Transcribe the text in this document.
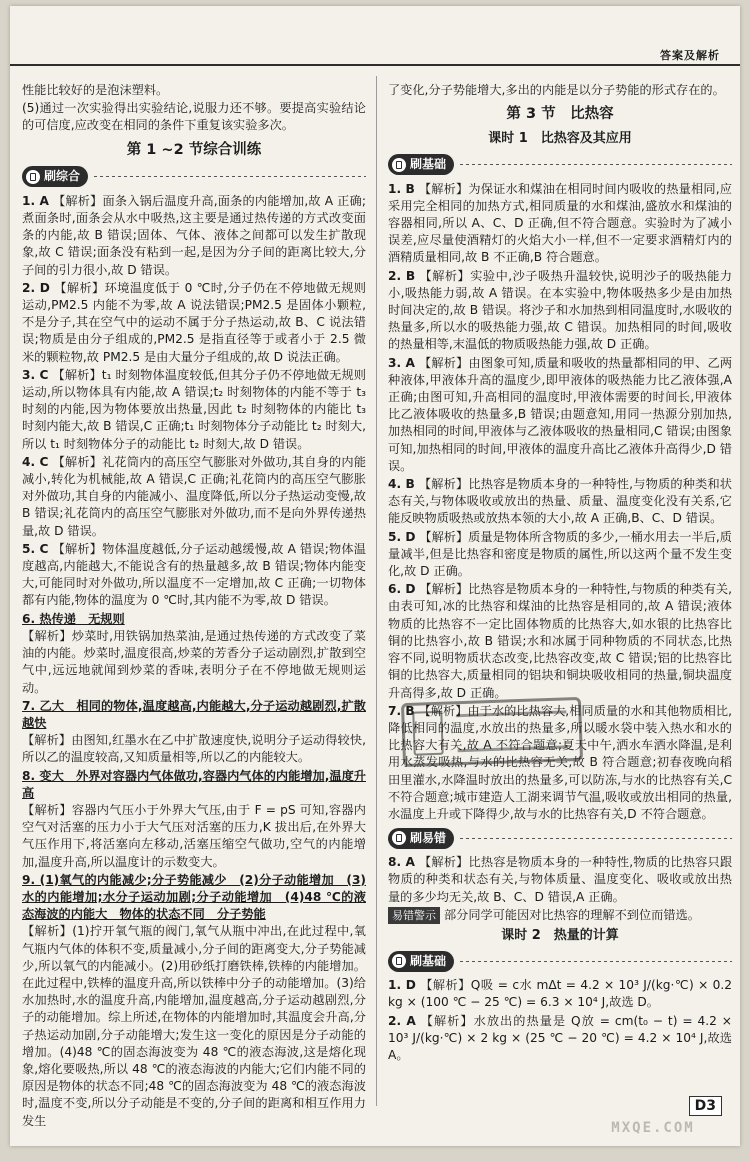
答案及解析

性能比较好的是泡沫塑料。

(5)通过一次实验得出实验结论,说服力还不够。要提高实验结论的可信度,应改变在相同的条件下重复该实验多次。

第 1 ~2 节综合训练
刷综合

1. A 【解析】面条入锅后温度升高,面条的内能增加,故 A 正确;煮面条时,面条会从水中吸热,这主要是通过热传递的方式改变面条的内能,故 B 错误;固体、气体、液体之间都可以发生扩散现象,故 C 错误;面条没有粘到一起,是因为分子间的距离比较大,分子间的引力很小,故 D 错误。

2. D 【解析】环境温度低于 0 ℃时,分子仍在不停地做无规则运动,PM2.5 内能不为零,故 A 说法错误;PM2.5 是固体小颗粒,不是分子,其在空气中的运动不属于分子热运动,故 B、C 说法错误;物质是由分子组成的,PM2.5 是指直径等于或者小于 2.5 微米的颗粒物,故 PM2.5 是由大量分子组成的,故 D 说法正确。

3. C 【解析】t₁ 时刻物体温度较低,但其分子仍不停地做无规则运动,所以物体具有内能,故 A 错误;t₂ 时刻物体的内能不等于 t₃ 时刻的内能,因为物体要放出热量,因此 t₂ 时刻物体的内能比 t₃ 时刻内能大,故 B 错误,C 正确;t₁ 时刻物体分子动能比 t₂ 时刻大,所以 t₁ 时刻物体分子的动能比 t₂ 时刻大,故 D 错误。

4. C 【解析】礼花筒内的高压空气膨胀对外做功,其自身的内能减小,转化为机械能,故 A 错误,C 正确;礼花筒内的高压空气膨胀对外做功,其自身的内能减小、温度降低,所以分子热运动变慢,故 B 错误;礼花筒内的高压空气膨胀对外做功,而不是向外界传递热量,故 D 错误。

5. C 【解析】物体温度越低,分子运动越缓慢,故 A 错误;物体温度越高,内能越大,不能说含有的热量越多,故 B 错误;物体内能变大,可能同时对外做功,所以温度不一定增加,故 C 正确;一切物体都有内能,物体的温度为 0 ℃时,其内能不为零,故 D 错误。

6. 热传递　无规则
【解析】炒菜时,用铁锅加热菜油,是通过热传递的方式改变了菜油的内能。炒菜时,温度很高,炒菜的芳香分子运动剧烈,扩散到空气中,远远地就闻到炒菜的香味,表明分子在不停地做无规则运动。

7. 乙大　相同的物体,温度越高,内能越大,分子运动越剧烈,扩散越快
【解析】由图知,红墨水在乙中扩散速度快,说明分子运动得较快,所以乙的温度较高,又知质量相等,所以乙的内能较大。

8. 变大　外界对容器内气体做功,容器内气体的内能增加,温度升高
【解析】容器内气压小于外界大气压,由于 F = pS 可知,容器内空气对活塞的压力小于大气压对活塞的压力,K 拔出后,在外界大气压作用下,将活塞向左移动,活塞压缩空气做功,空气的内能增加,温度升高,所以温度计的示数变大。

9. (1)氧气的内能减少;分子势能减少　(2)分子动能增加　(3)水的内能增加;水分子运动加剧;分子动能增加　(4)48 ℃的液态海波的内能大　物体的状态不同　分子势能
【解析】(1)拧开氧气瓶的阀门,氧气从瓶中冲出,在此过程中,氧气瓶内气体的体积不变,质量减小,分子间的距离变大,分子势能减少,所以氧气的内能减小。(2)用砂纸打磨铁棒,铁棒的内能增加。在此过程中,铁棒的温度升高,所以铁棒中分子的动能增加。(3)给水加热时,水的温度升高,内能增加,温度越高,分子运动越剧烈,分子的动能增加。综上所述,在物体的内能增加时,其温度会升高,分子热运动加剧,分子动能增大;发生这一变化的原因是分子动能的增加。(4)48 ℃的固态海波变为 48 ℃的液态海波,这是熔化现象,熔化要吸热,所以 48 ℃的液态海波的内能大;它们内能不同的原因是物体的状态不同;48 ℃的固态海波变为 48 ℃的液态海波时,温度不变,所以分子动能是不变的,分子间的距离和相互作用力发生

了变化,分子势能增大,多出的内能是以分子势能的形式存在的。

第 3 节　比热容
课时 1　比热容及其应用
刷基础

1. B 【解析】为保证水和煤油在相同时间内吸收的热量相同,应采用完全相同的加热方式,相同质量的水和煤油,盛放水和煤油的容器相同,所以 A、C、D 正确,但不符合题意。实验时为了减小误差,应尽量使酒精灯的火焰大小一样,但不一定要求酒精灯内的酒精质量相同,故 B 不正确,B 符合题意。

2. B 【解析】实验中,沙子吸热升温较快,说明沙子的吸热能力小,吸热能力弱,故 A 错误。在本实验中,物体吸热多少是由加热时间决定的,故 B 错误。将沙子和水加热到相同温度时,水吸收的热量多,所以水的吸热能力强,故 C 错误。加热相同的时间,吸收的热量相等,末温低的物质吸热能力强,故 D 正确。

3. A 【解析】由图象可知,质量和吸收的热量都相同的甲、乙两种液体,甲液体升高的温度少,即甲液体的吸热能力比乙液体强,A 正确;由图可知,升高相同的温度时,甲液体需要的时间长,甲液体比乙液体吸收的热量多,B 错误;由题意知,用同一热源分别加热,加热相同的时间,甲液体与乙液体吸收的热量相同,C 错误;由图象可知,加热相同的时间,甲液体的温度升高比乙液体升高得少,D 错误。

4. B 【解析】比热容是物质本身的一种特性,与物质的种类和状态有关,与物体吸收或放出的热量、质量、温度变化没有关系,它能反映物质吸热或放热本领的大小,故 A 正确,B、C、D 错误。

5. D 【解析】质量是物体所含物质的多少,一桶水用去一半后,质量减半,但是比热容和密度是物质的属性,所以这两个量不发生变化,故 D 正确。

6. D 【解析】比热容是物质本身的一种特性,与物质的种类有关,由表可知,冰的比热容和煤油的比热容是相同的,故 A 错误;液体物质的比热容不一定比固体物质的比热容大,如水银的比热容比铜的比热容小,故 B 错误;水和冰属于同种物质的不同状态,比热容不同,说明物质状态改变,比热容改变,故 C 错误;铝的比热容比铜的比热容大,质量相同的铝块和铜块吸收相同的热量,铜块温度升高得多,故 D 正确。

7. B 【解析】由于水的比热容大,相同质量的水和其他物质相比,降低相同的温度,水放出的热量多,所以暖水袋中装入热水和水的比热容大有关,故 A 不符合题意;夏天中午,洒水车洒水降温,是利用水蒸发吸热,与水的比热容无关,故 B 符合题意;初春夜晚向稻田里灌水,水降温时放出的热量多,可以防冻,与水的比热容有关,C 不符合题意;城市建造人工湖来调节气温,吸收或放出相同的热量,水温度上升或下降得少,故与水的比热容有关,D 不符合题意。

刷易错

8. A 【解析】比热容是物质本身的一种特性,物质的比热容只跟物质的种类和状态有关,与物体质量、温度变化、吸收或放出热量的多少均无关,故 B、C、D 错误,A 正确。

易错警示 部分同学可能因对比热容的理解不到位而错选。

课时 2　热量的计算
刷基础

1. D 【解析】Q吸 = c水 mΔt = 4.2 × 10³ J/(kg·℃) × 0.2 kg × (100 ℃ − 25 ℃) = 6.3 × 10⁴ J,故选 D。

2. A 【解析】水放出的热量是 Q放 = cm(t₀ − t) = 4.2 × 10³ J/(kg·℃) × 2 kg × (25 ℃ − 20 ℃) = 4.2 × 10⁴ J,故选 A。

D3
MXQE.COM
